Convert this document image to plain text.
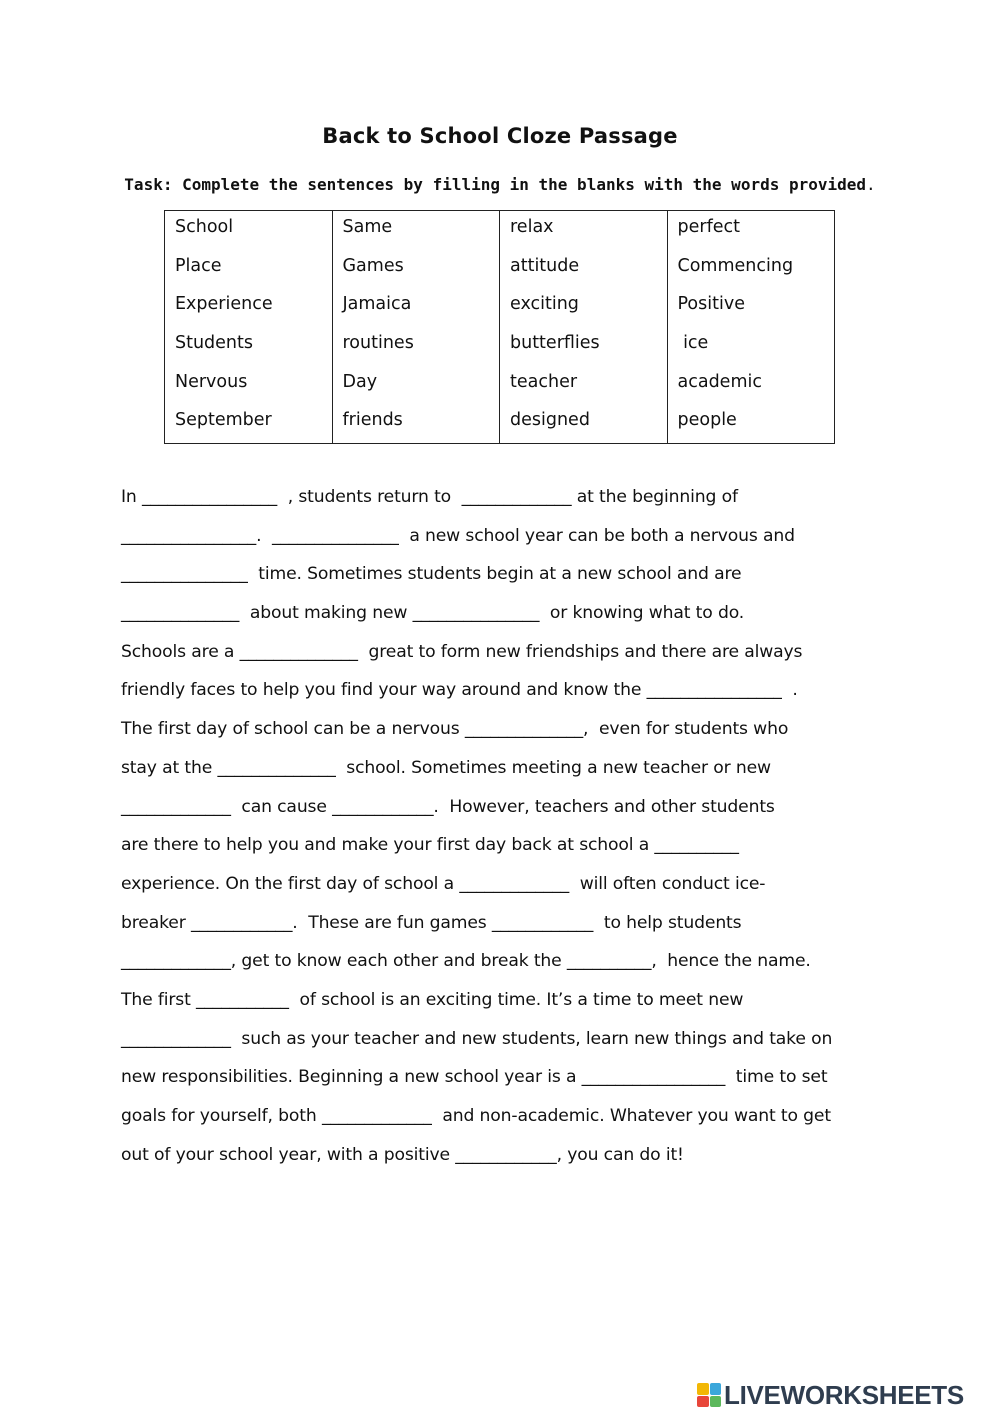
Back to School Cloze Passage
Task: Complete the sentences by filling in the blanks with the words provided.
School
Place
Experience
Students
Nervous
September
Same
Games
Jamaica
routines
Day
friends
relax
attitude
exciting
butterflies
teacher
designed
perfect
Commencing
Positive
ice
academic
people
In ________________  , students return to  _____________ at the beginning of
________________.  _______________  a new school year can be both a nervous and
_______________  time. Sometimes students begin at a new school and are
______________  about making new _______________  or knowing what to do.
Schools are a ______________  great to form new friendships and there are always
friendly faces to help you find your way around and know the ________________  .
The first day of school can be a nervous ______________,  even for students who
stay at the ______________  school. Sometimes meeting a new teacher or new
_____________  can cause ____________.  However, teachers and other students
are there to help you and make your first day back at school a __________
experience. On the first day of school a _____________  will often conduct ice-
breaker ____________.  These are fun games ____________  to help students
_____________, get to know each other and break the __________,  hence the name.
The first ___________  of school is an exciting time. It’s a time to meet new
_____________  such as your teacher and new students, learn new things and take on
new responsibilities. Beginning a new school year is a _________________  time to set
goals for yourself, both _____________  and non-academic. Whatever you want to get
out of your school year, with a positive ____________, you can do it!
LIVEWORKSHEETS
